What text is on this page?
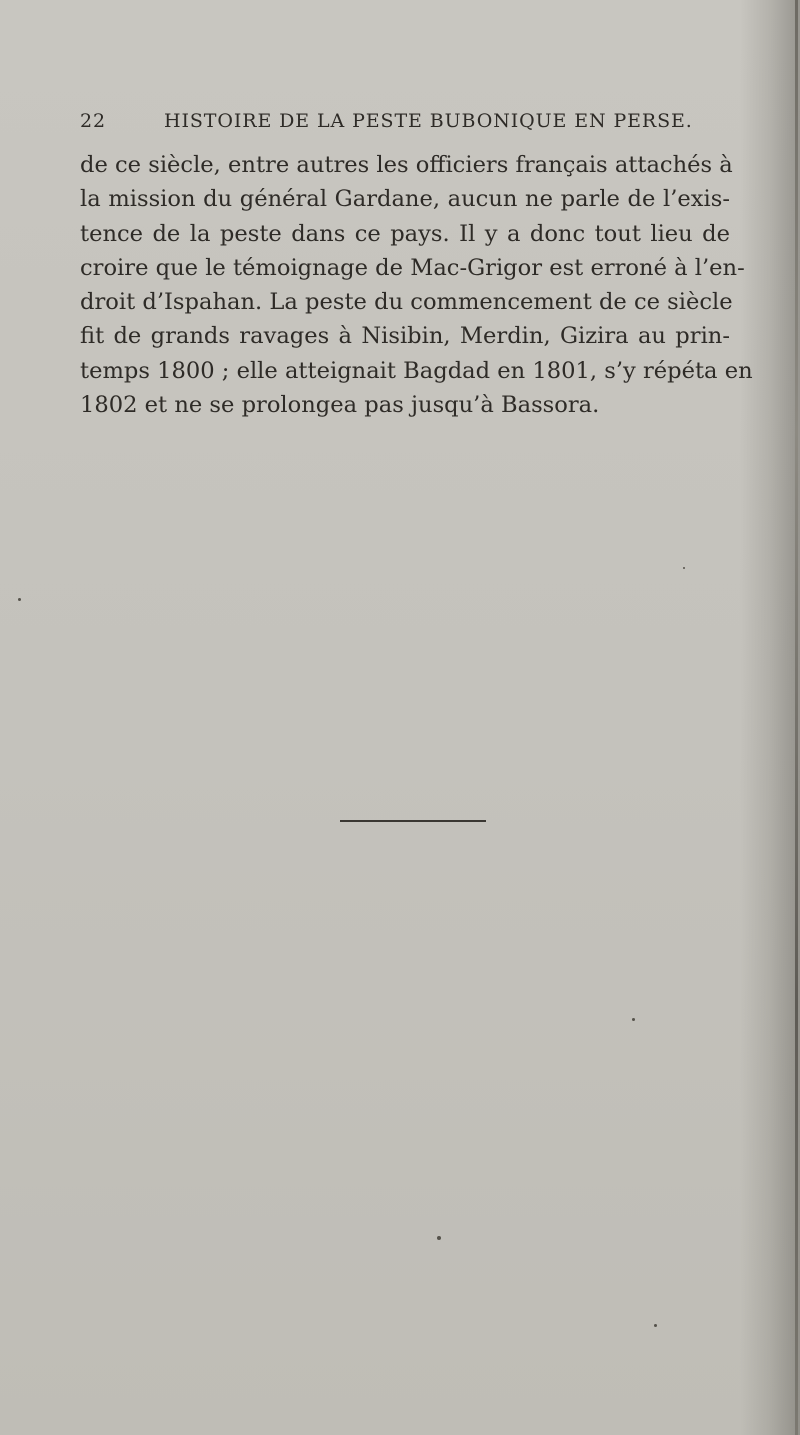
22	HISTOIRE DE LA PESTE BUBONIQUE EN PERSE.
de ce siècle, entre autres les officiers français attachés à
la mission du général Gardane, aucun ne parle de l’exis-
tence de la peste dans ce pays. Il y a donc tout lieu de
croire que le témoignage de Mac-Grigor est erroné à l’en-
droit d’Ispahan. La peste du commencement de ce siècle
fit de grands ravages à Nisibin, Merdin, Gizira au prin-
temps 1800 ; elle atteignait Bagdad en 1801, s’y répéta en
1802 et ne se prolongea pas jusqu’à Bassora.
